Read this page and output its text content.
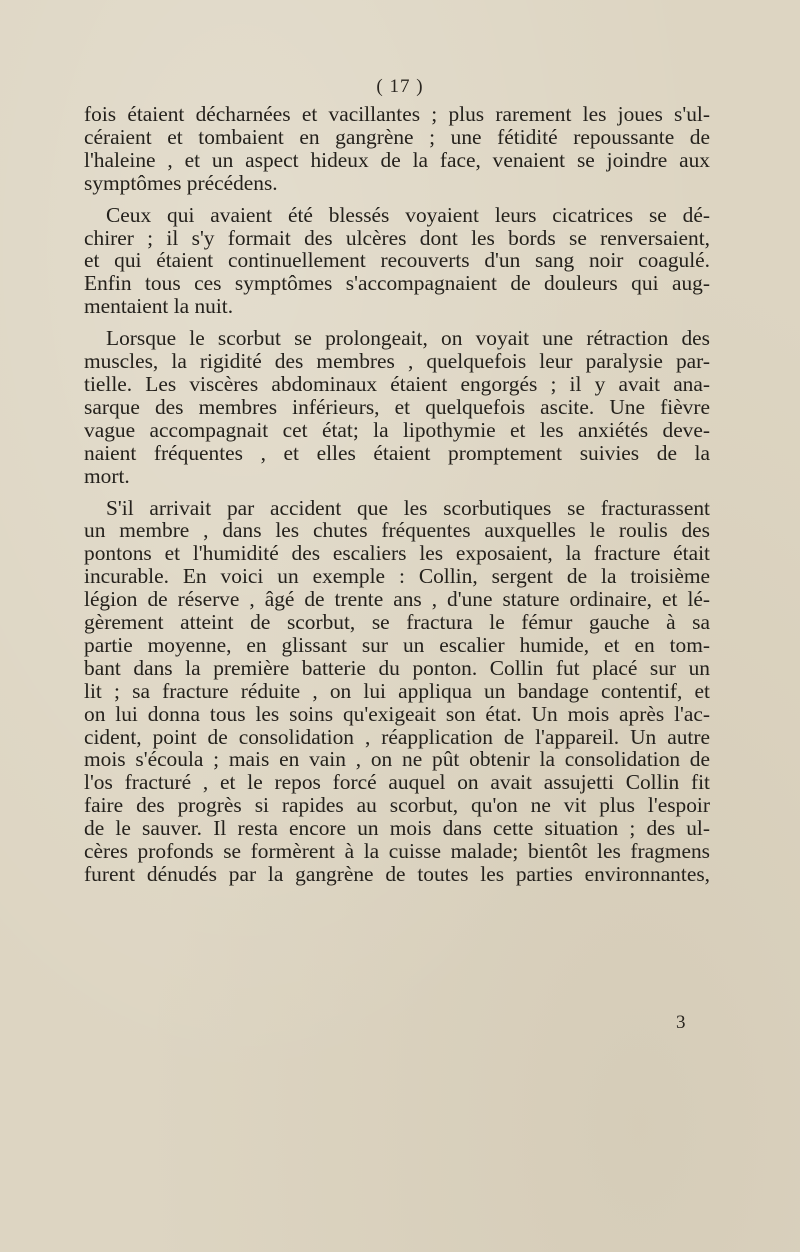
( 17 )
fois étaient décharnées et vacillantes ; plus rarement les joues s'ul-
céraient et tombaient en gangrène ; une fétidité repoussante de
l'haleine , et un aspect hideux de la face, venaient se joindre aux
symptômes précédens.
Ceux qui avaient été blessés voyaient leurs cicatrices se dé-
chirer ; il s'y formait des ulcères dont les bords se renversaient,
et qui étaient continuellement recouverts d'un sang noir coagulé.
Enfin tous ces symptômes s'accompagnaient de douleurs qui aug-
mentaient la nuit.
Lorsque le scorbut se prolongeait, on voyait une rétraction des
muscles, la rigidité des membres , quelquefois leur paralysie par-
tielle. Les viscères abdominaux étaient engorgés ; il y avait ana-
sarque des membres inférieurs, et quelquefois ascite. Une fièvre
vague accompagnait cet état; la lipothymie et les anxiétés deve-
naient fréquentes , et elles étaient promptement suivies de la
mort.
S'il arrivait par accident que les scorbutiques se fracturassent
un membre , dans les chutes fréquentes auxquelles le roulis des
pontons et l'humidité des escaliers les exposaient, la fracture était
incurable. En voici un exemple : Collin, sergent de la troisième
légion de réserve , âgé de trente ans , d'une stature ordinaire, et lé-
gèrement atteint de scorbut, se fractura le fémur gauche à sa
partie moyenne, en glissant sur un escalier humide, et en tom-
bant dans la première batterie du ponton. Collin fut placé sur un
lit ; sa fracture réduite , on lui appliqua un bandage contentif, et
on lui donna tous les soins qu'exigeait son état. Un mois après l'ac-
cident, point de consolidation , réapplication de l'appareil. Un autre
mois s'écoula ; mais en vain , on ne pût obtenir la consolidation de
l'os fracturé , et le repos forcé auquel on avait assujetti Collin fit
faire des progrès si rapides au scorbut, qu'on ne vit plus l'espoir
de le sauver. Il resta encore un mois dans cette situation ; des ul-
cères profonds se formèrent à la cuisse malade; bientôt les fragmens
furent dénudés par la gangrène de toutes les parties environnantes,
3
